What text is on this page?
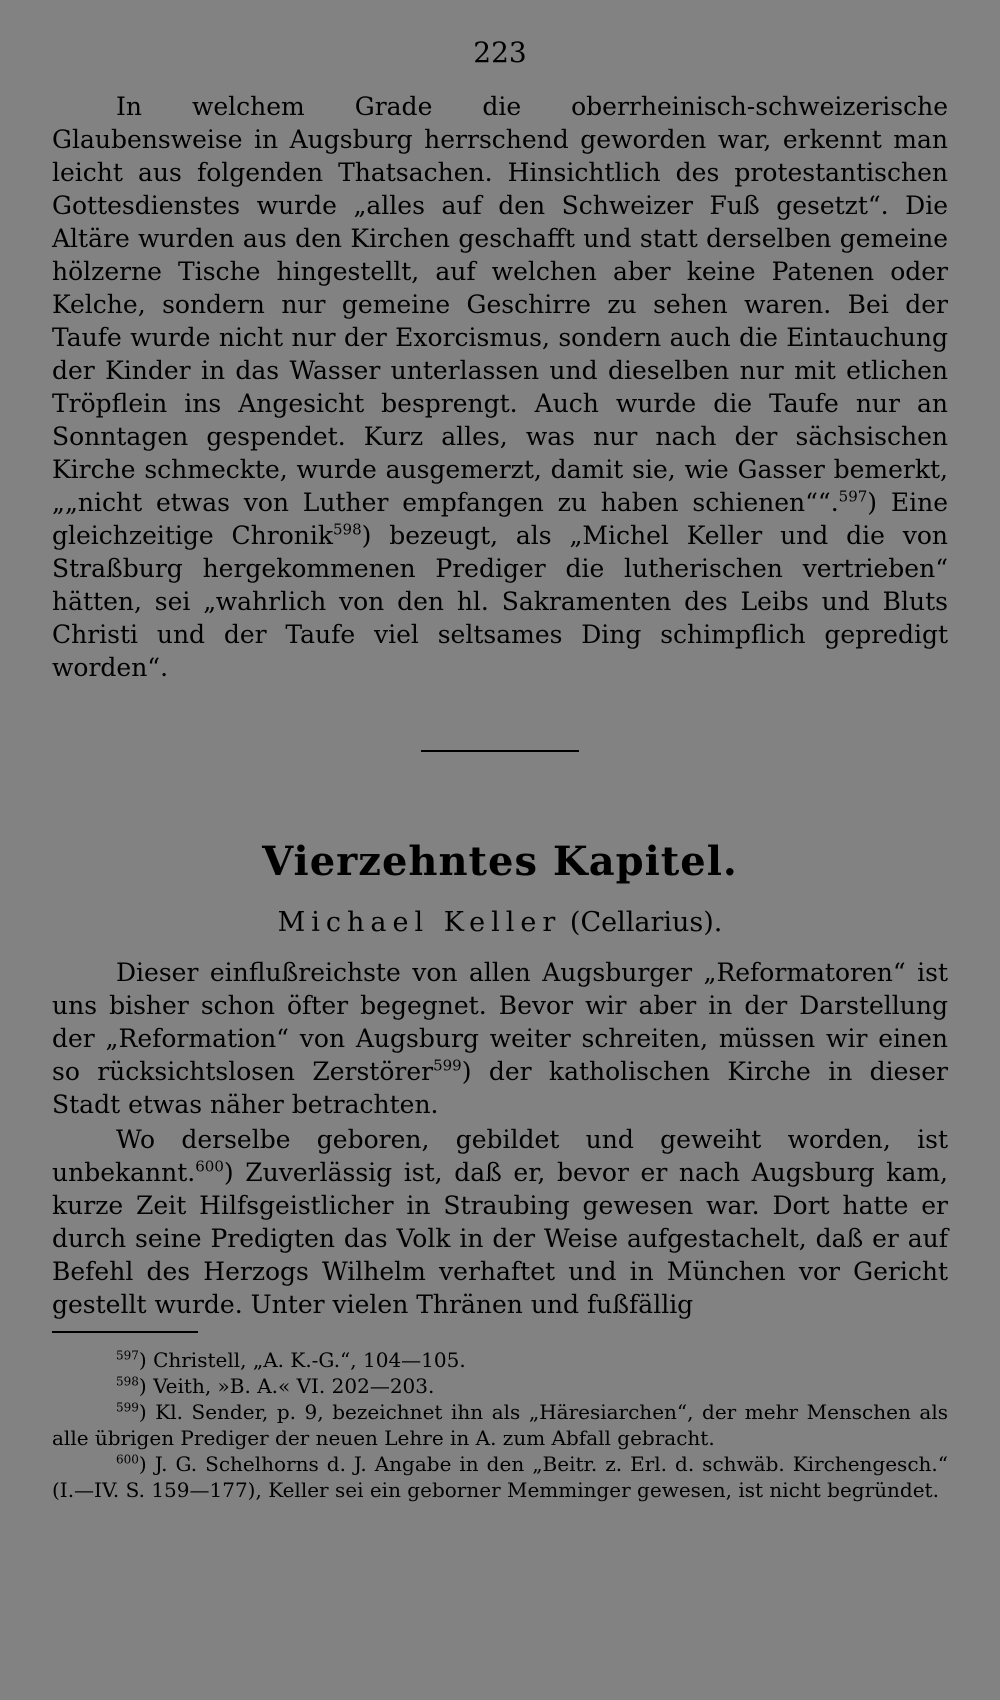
223

In welchem Grade die oberrheinisch-schweizerische Glaubensweise in Augsburg herrschend geworden war, erkennt man leicht aus folgenden Thatsachen. Hinsichtlich des protestantischen Gottesdienstes wurde „alles auf den Schweizer Fuß gesetzt“. Die Altäre wurden aus den Kirchen geschafft und statt derselben gemeine hölzerne Tische hingestellt, auf welchen aber keine Patenen oder Kelche, sondern nur gemeine Geschirre zu sehen waren. Bei der Taufe wurde nicht nur der Exorcismus, sondern auch die Eintauchung der Kinder in das Wasser unterlassen und dieselben nur mit etlichen Tröpflein ins Angesicht besprengt. Auch wurde die Taufe nur an Sonntagen gespendet. Kurz alles, was nur nach der sächsischen Kirche schmeckte, wurde ausgemerzt, damit sie, wie Gasser bemerkt, „„nicht etwas von Luther empfangen zu haben schienen““.$^{597}$) Eine gleichzeitige Chronik$^{598}$) bezeugt, als „Michel Keller und die von Straßburg hergekommenen Prediger die lutherischen vertrieben“ hätten, sei „wahrlich von den hl. Sakramenten des Leibs und Bluts Christi und der Taufe viel seltsames Ding schimpflich gepredigt worden“.

Vierzehntes Kapitel.
Michael Keller (Cellarius).

Dieser einflußreichste von allen Augsburger „Reformatoren“ ist uns bisher schon öfter begegnet. Bevor wir aber in der Darstellung der „Reformation“ von Augsburg weiter schreiten, müssen wir einen so rücksichtslosen Zerstörer$^{599}$) der katholischen Kirche in dieser Stadt etwas näher betrachten.

Wo derselbe geboren, gebildet und geweiht worden, ist unbekannt.$^{600}$) Zuverlässig ist, daß er, bevor er nach Augsburg kam, kurze Zeit Hilfsgeistlicher in Straubing gewesen war. Dort hatte er durch seine Predigten das Volk in der Weise aufgestachelt, daß er auf Befehl des Herzogs Wilhelm verhaftet und in München vor Gericht gestellt wurde. Unter vielen Thränen und fußfällig

$^{597}$) Christell, „A. K.-G.“, 104—105.

$^{598}$) Veith, »B. A.« VI. 202—203.

$^{599}$) Kl. Sender, p. 9, bezeichnet ihn als „Häresiarchen“, der mehr Menschen als alle übrigen Prediger der neuen Lehre in A. zum Abfall gebracht.

$^{600}$) J. G. Schelhorns d. J. Angabe in den „Beitr. z. Erl. d. schwäb. Kirchengesch.“ (I.—IV. S. 159—177), Keller sei ein geborner Memminger gewesen, ist nicht begründet.
